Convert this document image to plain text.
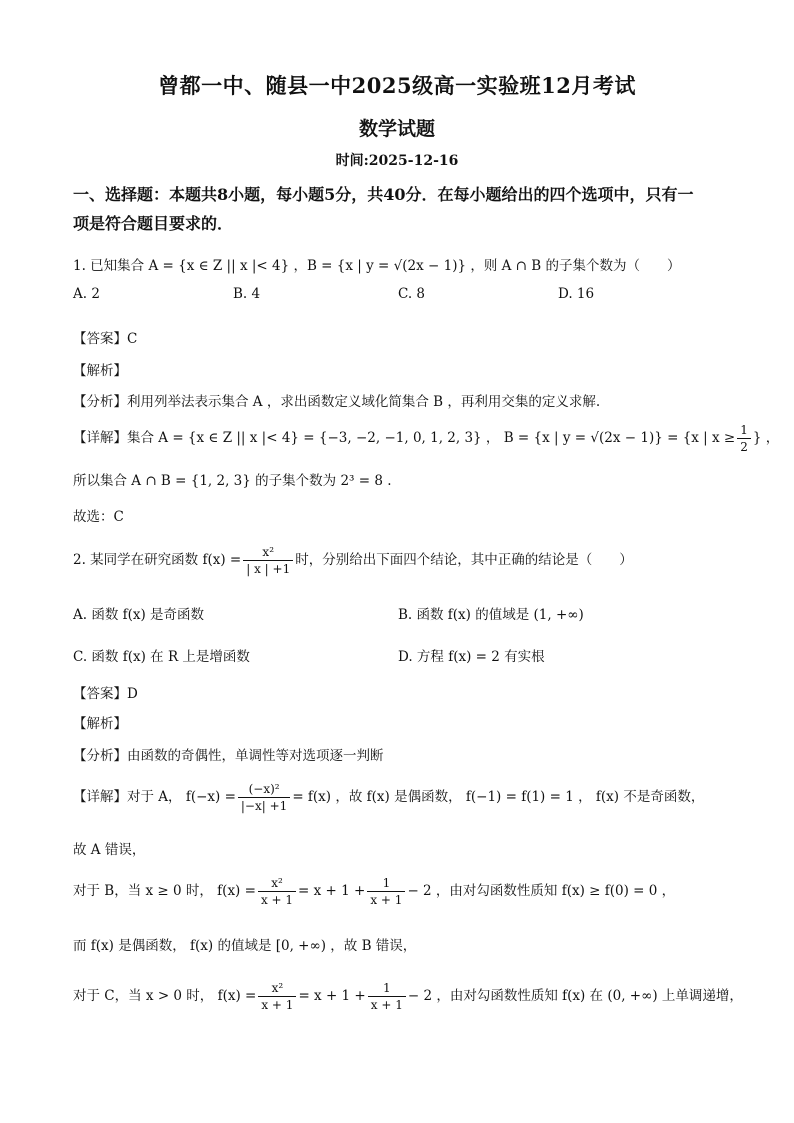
曾都一中、随县一中2025级高一实验班12月考试
数学试题
时间:2025-12-16
一、选择题：本题共8小题，每小题5分，共40分．在每小题给出的四个选项中，只有一
项是符合题目要求的．
1. 已知集合 A = {x ∈ Z || x |< 4} ，B = {x | y = √(2x − 1)} ，则 A ∩ B 的子集个数为（　　）
A. 2	B. 4	C. 8	D. 16
【答案】C
【解析】
【分析】利用列举法表示集合 A ，求出函数定义域化简集合 B ，再利用交集的定义求解.
【详解】集合 A = {x ∈ Z || x |< 4} = {−3, −2, −1, 0, 1, 2, 3} ， B = {x | y = √(2x − 1)} = {x | $x \ge \frac{1}{2}$ } ，
所以集合 A ∩ B = {1, 2, 3} 的子集个数为 2³ = 8 .
故选：C
2. 某同学在研究函数 $f(x) = \frac{\text{x²}}{| x | +1}$ 时，分别给出下面四个结论，其中正确的结论是（　　）
A. 函数 f(x) 是奇函数	B. 函数 f(x) 的值域是 (1, +∞)
C. 函数 f(x) 在 R 上是增函数	D. 方程 f(x) = 2 有实根
【答案】D
【解析】
【分析】由函数的奇偶性，单调性等对选项逐一判断
【详解】对于 A， $f(-x) = \frac{\text{(−x)²}}{|-x| +1} = f(x)$ ，故 f(x) 是偶函数， f(−1) = f(1) = 1 ， f(x) 不是奇函数，
故 A 错误，
对于 B，当 x ≥ 0 时， $f(x) = \frac{\text{x²}}{x + 1} = x + 1 + \frac{1}{x + 1} - 2$ ，由对勾函数性质知 f(x) ≥ f(0) = 0 ，
而 f(x) 是偶函数， f(x) 的值域是 [0, +∞) ，故 B 错误，
对于 C，当 x > 0 时， $f(x) = \frac{\text{x²}}{x + 1} = x + 1 + \frac{1}{x + 1} - 2$ ，由对勾函数性质知 f(x) 在 (0, +∞) 上单调递增，
